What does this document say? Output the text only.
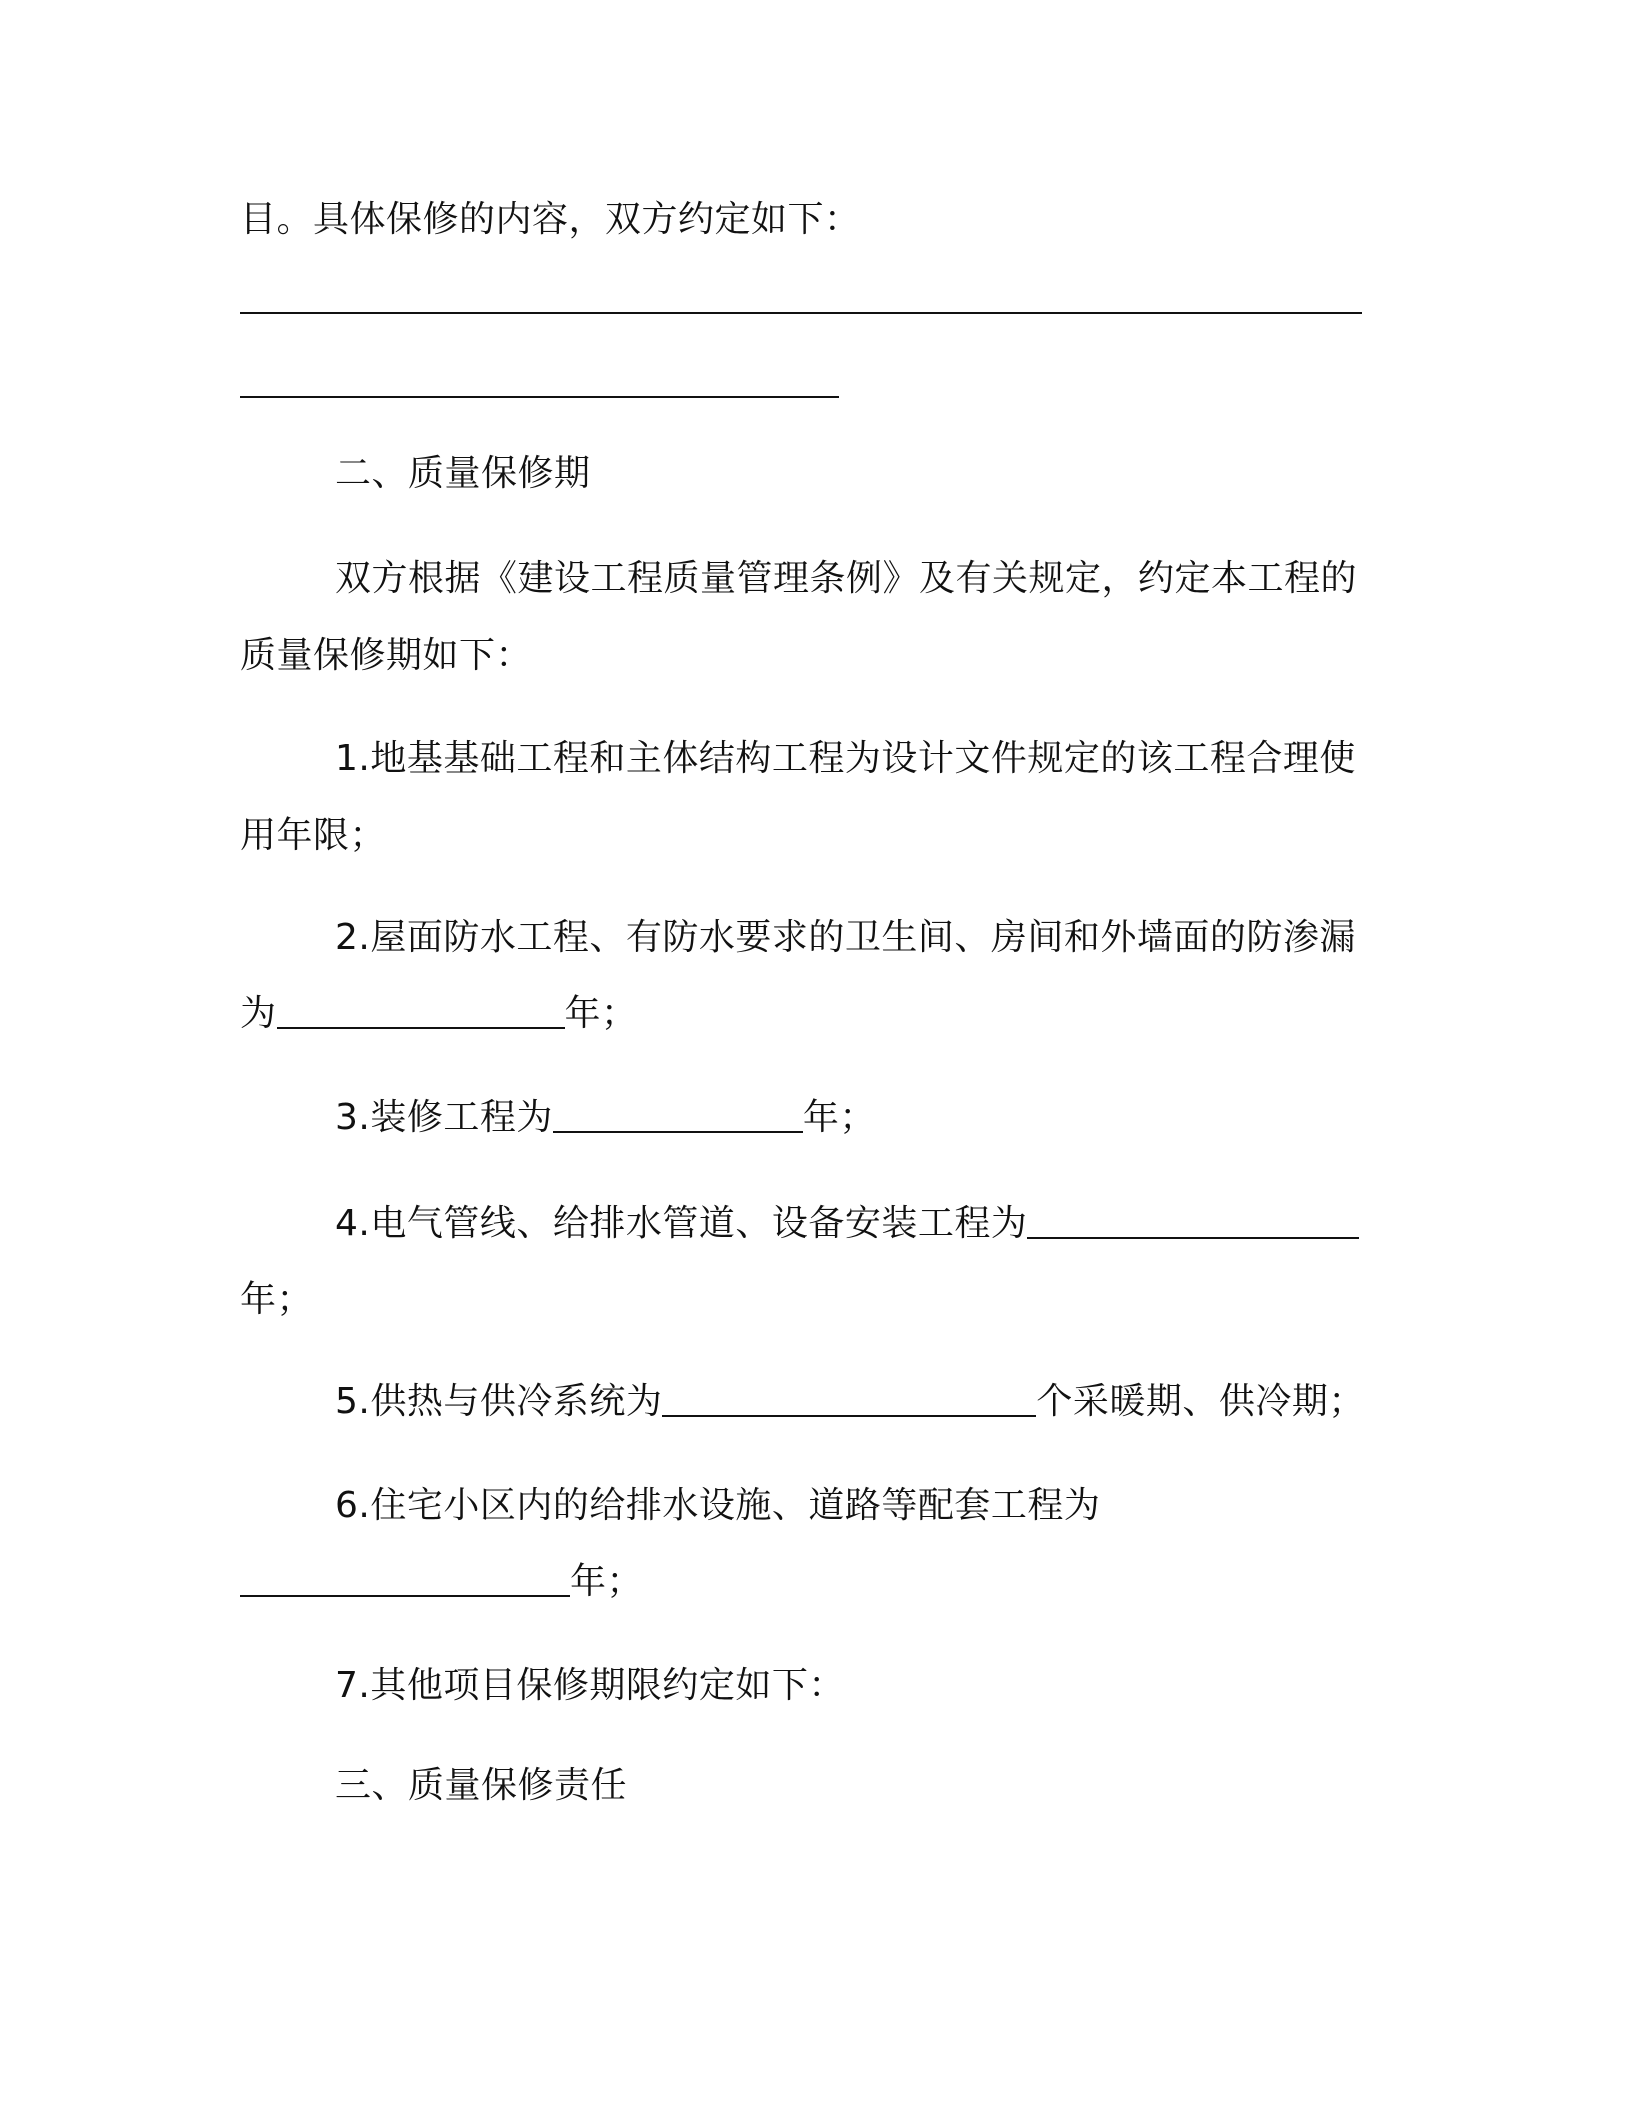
目。具体保修的内容，双方约定如下：
二、质量保修期
双方根据《建设工程质量管理条例》及有关规定，约定本工程的
质量保修期如下：
1.地基基础工程和主体结构工程为设计文件规定的该工程合理使
用年限；
2.屋面防水工程、有防水要求的卫生间、房间和外墙面的防渗漏
为	年；
3.装修工程为	年；
4.电气管线、给排水管道、设备安装工程为
年；
5.供热与供冷系统为	个采暖期、供冷期；
6.住宅小区内的给排水设施、道路等配套工程为
年；
7.其他项目保修期限约定如下：
三、质量保修责任
